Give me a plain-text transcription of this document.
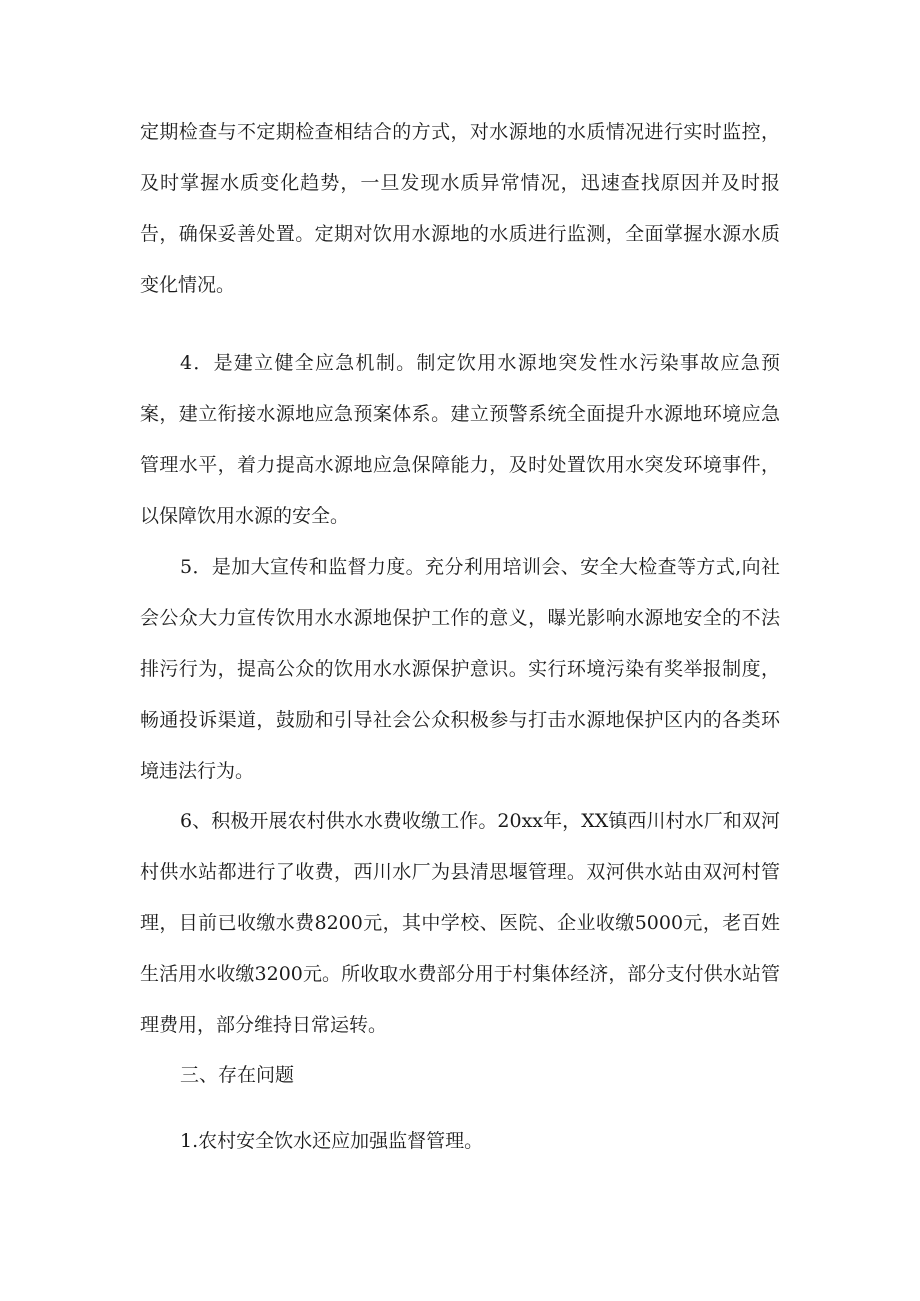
定期检查与不定期检查相结合的方式，对水源地的水质情况进行实时监控，及时掌握水质变化趋势，一旦发现水质异常情况，迅速查找原因并及时报告，确保妥善处置。定期对饮用水源地的水质进行监测，全面掌握水源水质变化情况。

4．是建立健全应急机制。制定饮用水源地突发性水污染事故应急预案，建立衔接水源地应急预案体系。建立预警系统全面提升水源地环境应急管理水平，着力提高水源地应急保障能力，及时处置饮用水突发环境事件，以保障饮用水源的安全。

5．是加大宣传和监督力度。充分利用培训会、安全大检查等方式,向社会公众大力宣传饮用水水源地保护工作的意义，曝光影响水源地安全的不法排污行为，提高公众的饮用水水源保护意识。实行环境污染有奖举报制度，畅通投诉渠道，鼓励和引导社会公众积极参与打击水源地保护区内的各类环境违法行为。

6、积极开展农村供水水费收缴工作。20xx年，XX镇西川村水厂和双河村供水站都进行了收费，西川水厂为县清思堰管理。双河供水站由双河村管理，目前已收缴水费8200元，其中学校、医院、企业收缴5000元，老百姓生活用水收缴3200元。所收取水费部分用于村集体经济，部分支付供水站管理费用，部分维持日常运转。

三、存在问题

1.农村安全饮水还应加强监督管理。
